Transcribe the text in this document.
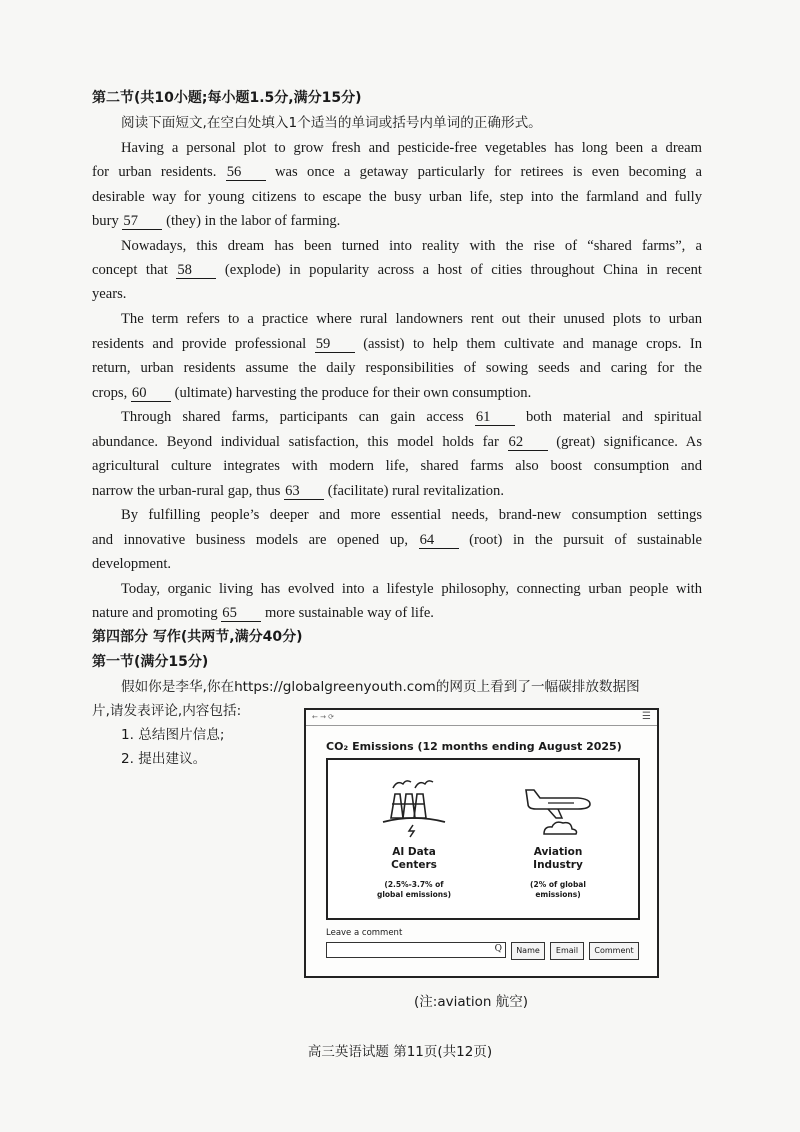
第二节(共10小题;每小题1.5分,满分15分)
阅读下面短文,在空白处填入1个适当的单词或括号内单词的正确形式。
Having a personal plot to grow fresh and pesticide-free vegetables has long been a dream
for urban residents. 56 was once a getaway particularly for retirees is even becoming a
desirable way for young citizens to escape the busy urban life, step into the farmland and fully
bury 57 (they) in the labor of farming.
Nowadays, this dream has been turned into reality with the rise of “shared farms”, a
concept that 58 (explode) in popularity across a host of cities throughout China in recent
years.
The term refers to a practice where rural landowners rent out their unused plots to urban
residents and provide professional 59 (assist) to help them cultivate and manage crops. In
return, urban residents assume the daily responsibilities of sowing seeds and caring for the
crops, 60 (ultimate) harvesting the produce for their own consumption.
Through shared farms, participants can gain access 61 both material and spiritual
abundance. Beyond individual satisfaction, this model holds far 62 (great) significance. As
agricultural culture integrates with modern life, shared farms also boost consumption and
narrow the urban-rural gap, thus 63 (facilitate) rural revitalization.
By fulfilling people’s deeper and more essential needs, brand-new consumption settings
and innovative business models are opened up, 64 (root) in the pursuit of sustainable
development.
Today, organic living has evolved into a lifestyle philosophy, connecting urban people with
nature and promoting 65 more sustainable way of life.
第四部分 写作(共两节,满分40分)
第一节(满分15分)
假如你是李华,你在https://globalgreenyouth.com的网页上看到了一幅碳排放数据图
片,请发表评论,内容包括:
1. 总结图片信息;
2. 提出建议。
← → ⟳	☰
CO₂ Emissions (12 months ending August 2025)
AI Data
Centers
(2.5%-3.7% of
global emissions)
Aviation
Industry
(2% of global
emissions)
Leave a comment
Q	Name	Email	Comment
(注:aviation 航空)
高三英语试题 第11页(共12页)
